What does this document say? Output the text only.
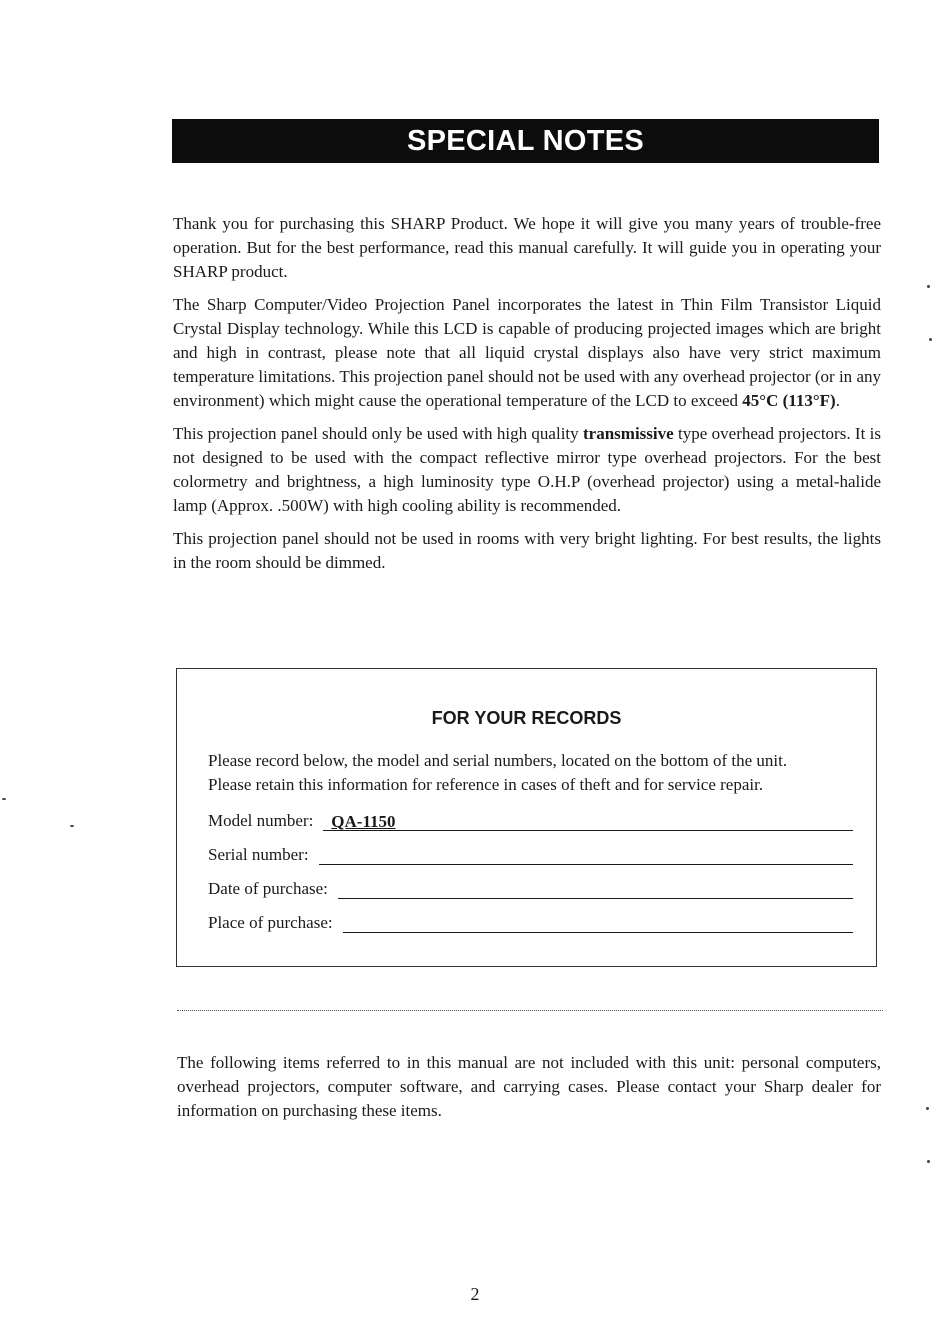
SPECIAL NOTES

Thank you for purchasing this SHARP Product. We hope it will give you many years of trouble-free operation. But for the best performance, read this manual carefully. It will guide you in operating your SHARP product.

The Sharp Computer/Video Projection Panel incorporates the latest in Thin Film Transistor Liquid Crystal Display technology. While this LCD is capable of producing projected images which are bright and high in contrast, please note that all liquid crystal displays also have very strict maximum temperature limitations. This projection panel should not be used with any overhead projector (or in any environment) which might cause the operational temperature of the LCD to exceed 45°C (113°F).

This projection panel should only be used with high quality transmissive type overhead projectors. It is not designed to be used with the compact reflective mirror type overhead projectors. For the best colormetry and brightness, a high luminosity type O.H.P (overhead projector) using a metal-halide lamp (Approx. .500W) with high cooling ability is recommended.

This projection panel should not be used in rooms with very bright lighting. For best results, the lights in the room should be dimmed.

FOR YOUR RECORDS

Please record below, the model and serial numbers, located on the bottom of the unit.

Please retain this information for reference in cases of theft and for service repair.

Model number: QA-1150
Serial number:
Date of purchase:
Place of purchase:

The following items referred to in this manual are not included with this unit: personal computers, overhead projectors, computer software, and carrying cases. Please contact your Sharp dealer for information on purchasing these items.

2
